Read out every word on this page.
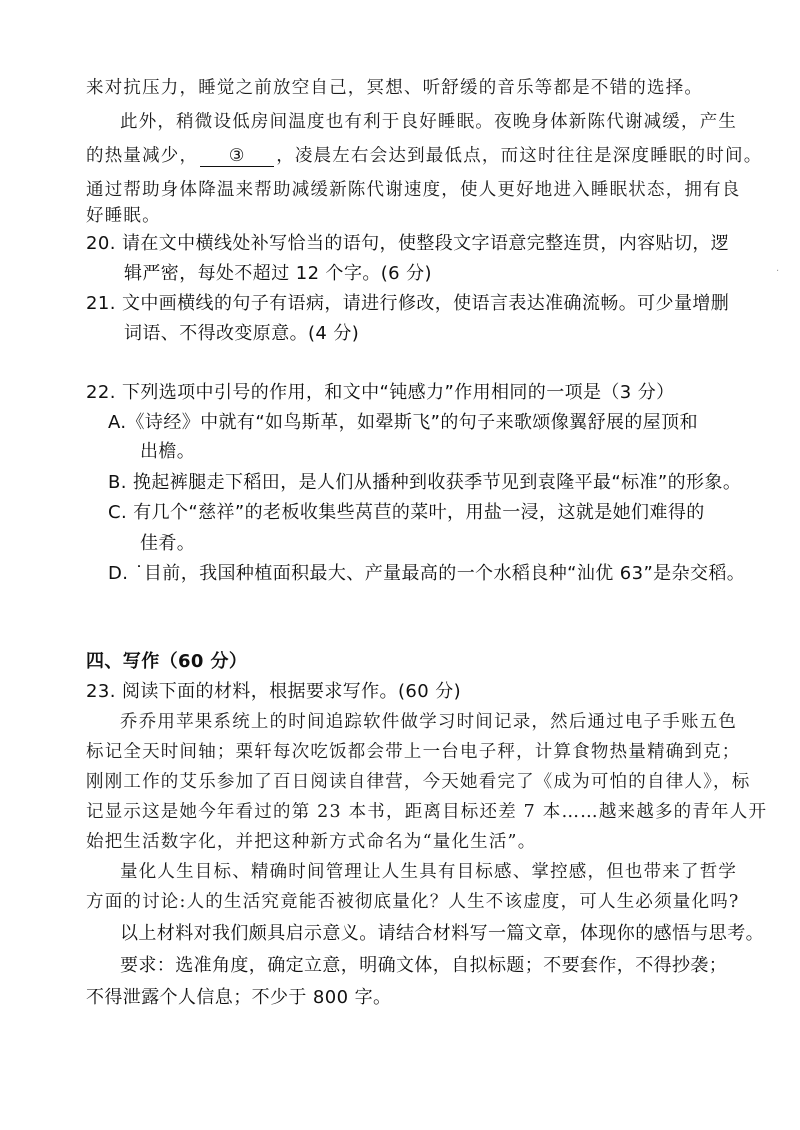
来对抗压力，睡觉之前放空自己，冥想、听舒缓的音乐等都是不错的选择。
此外，稍微设低房间温度也有利于良好睡眠。夜晚身体新陈代谢减缓，产生
的热量减少， ③ ，凌晨左右会达到最低点，而这时往往是深度睡眠的时间。
通过帮助身体降温来帮助减缓新陈代谢速度，使人更好地进入睡眠状态，拥有良
好睡眠。
20. 请在文中横线处补写恰当的语句，使整段文字语意完整连贯，内容贴切，逻
辑严密，每处不超过 12 个字。(6 分)	·
21. 文中画横线的句子有语病，请进行修改，使语言表达准确流畅。可少量增删
词语、不得改变原意。(4 分)
22. 下列选项中引号的作用，和文中“钝感力”作用相同的一项是（3 分）
A.《诗经》中就有“如鸟斯革，如翚斯飞”的句子来歌颂像翼舒展的屋顶和
出檐。
B. 挽起裤腿走下稻田，是人们从播种到收获季节见到袁隆平最“标准”的形象。
C. 有几个“慈祥”的老板收集些莴苣的菜叶，用盐一浸，这就是她们难得的
佳肴。
D. ˙目前，我国种植面积最大、产量最高的一个水稻良种“汕优 63”是杂交稻。
四、写作（60 分）
23. 阅读下面的材料，根据要求写作。(60 分)
乔乔用苹果系统上的时间追踪软件做学习时间记录，然后通过电子手账五色
标记全天时间轴；栗轩每次吃饭都会带上一台电子秤，计算食物热量精确到克；
刚刚工作的艾乐参加了百日阅读自律营，今天她看完了《成为可怕的自律人》，标
记显示这是她今年看过的第 23 本书，距离目标还差 7 本……越来越多的青年人开
始把生活数字化，并把这种新方式命名为“量化生活”。
量化人生目标、精确时间管理让人生具有目标感、掌控感，但也带来了哲学
方面的讨论:人的生活究竟能否被彻底量化？人生不该虚度，可人生必须量化吗?
以上材料对我们颇具启示意义。请结合材料写一篇文章，体现你的感悟与思考。
要求：选准角度，确定立意，明确文体，自拟标题；不要套作，不得抄袭；
不得泄露个人信息；不少于 800 字。
